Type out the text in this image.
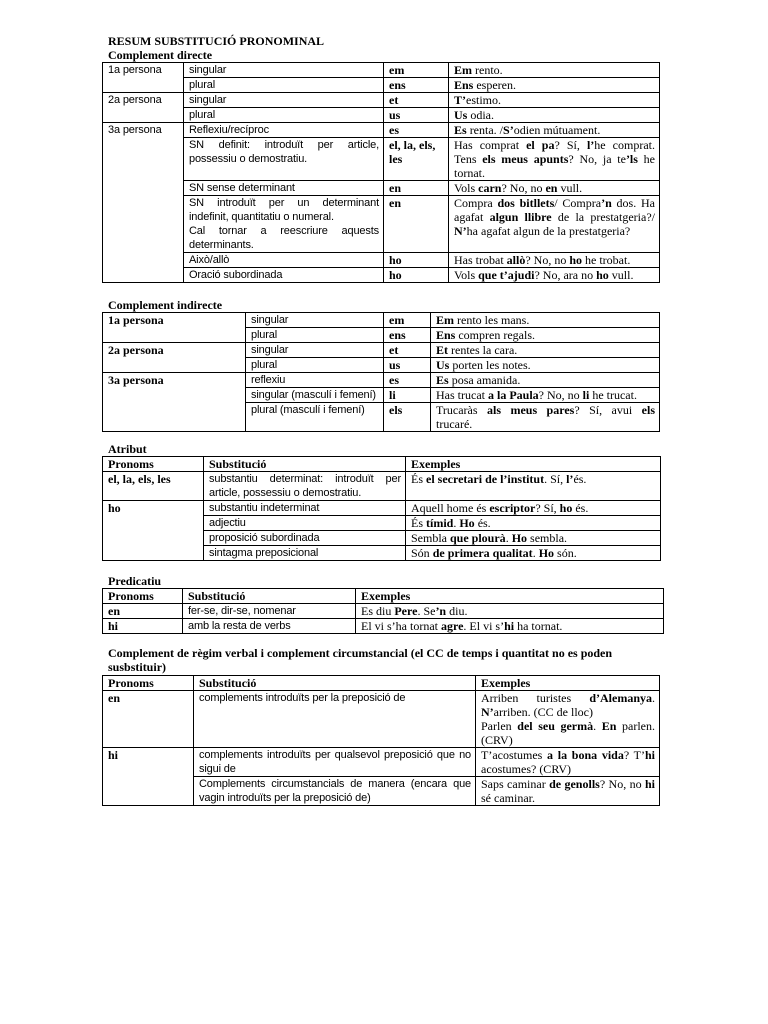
RESUM SUBSTITUCIÓ PRONOMINAL
Complement directe
1a persona	singular	em	Em rento.
	plural	ens	Ens esperen.
2a persona	singular	et	T’estimo.
	plural	us	Us odia.
3a persona	Reflexiu/recíproc	es	Es renta. /S’odien mútuament.
	SN definit: introduït per article, possessiu o demostratiu.	el, la, els, les	Has comprat el pa? Sí, l’he comprat. Tens els meus apunts? No, ja te’ls he tornat.
	SN sense determinant	en	Vols carn? No, no en vull.

	SN introduït per un determinant indefinit, quantitatiu o numeral.
Cal tornar a reescriure aquests determinants.	en	Compra dos bitllets/ Compra’n dos. Ha agafat algun llibre de la prestatgeria?/ N’ha agafat algun de la prestatgeria?
	Això/allò	ho	Has trobat allò? No, no ho he trobat.
	Oració subordinada	ho	Vols que t’ajudi? No, ara no ho vull.
Complement indirecte
1a persona	singular	em	Em rento les mans.
	plural	ens	Ens compren regals.
2a persona	singular	et	Et rentes la cara.
	plural	us	Us porten les notes.
3a persona	reflexiu	es	Es posa amanida.
	singular (masculí i femení)	li	Has trucat a la Paula? No, no li he trucat.
	plural (masculí i femení)	els	Trucaràs als meus pares? Sí, avui els trucaré.
Atribut
Pronoms	Substitució	Exemples
el, la, els, les	substantiu determinat: introduït per article, possessiu o demostratiu.	És el secretari de l’institut. Sí, l’és.
ho	substantiu indeterminat	Aquell home és escriptor? Sí, ho és.
	adjectiu	És tímid. Ho és.
	proposició subordinada	Sembla que plourà. Ho sembla.
	sintagma preposicional	Són de primera qualitat. Ho són.
Predicatiu
Pronoms	Substitució	Exemples
en	fer-se, dir-se, nomenar	Es diu Pere. Se’n diu.
hi	amb la resta de verbs	El vi s’ha tornat agre. El vi s’hi ha tornat.
Complement de règim verbal i complement circumstancial (el CC de temps i quantitat no es poden susbstituir)
Pronoms	Substitució	Exemples
en	complements introduïts per la preposició de	Arriben turistes d’Alemanya. N’arriben. (CC de lloc)
Parlen del seu germà. En parlen. (CRV)

hi	complements introduïts per qualsevol preposició que no sigui de	T’acostumes a la bona vida? T’hi acostumes? (CRV)
	Complements circumstancials de manera (encara que vagin introduïts per la preposició de)	Saps caminar de genolls? No, no hi sé caminar.
